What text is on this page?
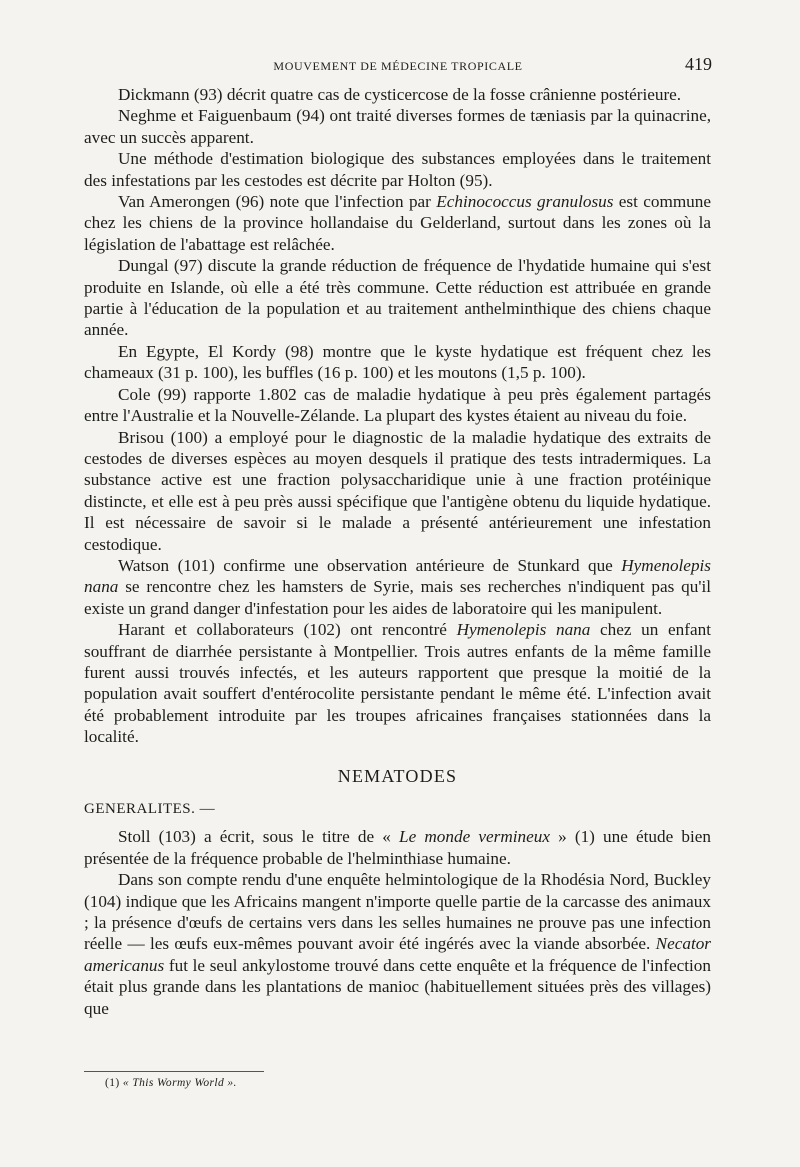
MOUVEMENT DE MÉDECINE TROPICALE	419

Dickmann (93) décrit quatre cas de cysticercose de la fosse crânienne postérieure.

Neghme et Faiguenbaum (94) ont traité diverses formes de tæniasis par la quinacrine, avec un succès apparent.

Une méthode d'estimation biologique des substances employées dans le traitement des infestations par les cestodes est décrite par Holton (95).

Van Amerongen (96) note que l'infection par Echinococcus granulosus est commune chez les chiens de la province hollandaise du Gelderland, surtout dans les zones où la législation de l'abattage est relâchée.

Dungal (97) discute la grande réduction de fréquence de l'hydatide humaine qui s'est produite en Islande, où elle a été très commune. Cette réduction est attribuée en grande partie à l'éducation de la population et au traitement anthelminthique des chiens chaque année.

En Egypte, El Kordy (98) montre que le kyste hydatique est fréquent chez les chameaux (31 p. 100), les buffles (16 p. 100) et les moutons (1,5 p. 100).

Cole (99) rapporte 1.802 cas de maladie hydatique à peu près également partagés entre l'Australie et la Nouvelle-Zélande. La plupart des kystes étaient au niveau du foie.

Brisou (100) a employé pour le diagnostic de la maladie hydatique des extraits de cestodes de diverses espèces au moyen desquels il pratique des tests intradermiques. La substance active est une fraction polysaccharidique unie à une fraction protéinique distincte, et elle est à peu près aussi spécifique que l'antigène obtenu du liquide hydatique. Il est nécessaire de savoir si le malade a présenté antérieurement une infestation cestodique.

Watson (101) confirme une observation antérieure de Stunkard que Hymenolepis nana se rencontre chez les hamsters de Syrie, mais ses recherches n'indiquent pas qu'il existe un grand danger d'infestation pour les aides de laboratoire qui les manipulent.

Harant et collaborateurs (102) ont rencontré Hymenolepis nana chez un enfant souffrant de diarrhée persistante à Montpellier. Trois autres enfants de la même famille furent aussi trouvés infectés, et les auteurs rapportent que presque la moitié de la population avait souffert d'entérocolite persistante pendant le même été. L'infection avait été probablement introduite par les troupes africaines françaises stationnées dans la localité.

NEMATODES
GENERALITES. —

Stoll (103) a écrit, sous le titre de « Le monde vermineux » (1) une étude bien présentée de la fréquence probable de l'helminthiase humaine.

Dans son compte rendu d'une enquête helmintologique de la Rhodésia Nord, Buckley (104) indique que les Africains mangent n'importe quelle partie de la carcasse des animaux ; la présence d'œufs de certains vers dans les selles humaines ne prouve pas une infection réelle — les œufs eux-mêmes pouvant avoir été ingérés avec la viande absorbée. Necator americanus fut le seul ankylostome trouvé dans cette enquête et la fréquence de l'infection était plus grande dans les plantations de manioc (habituellement situées près des villages) que

(1) « This Wormy World ».
